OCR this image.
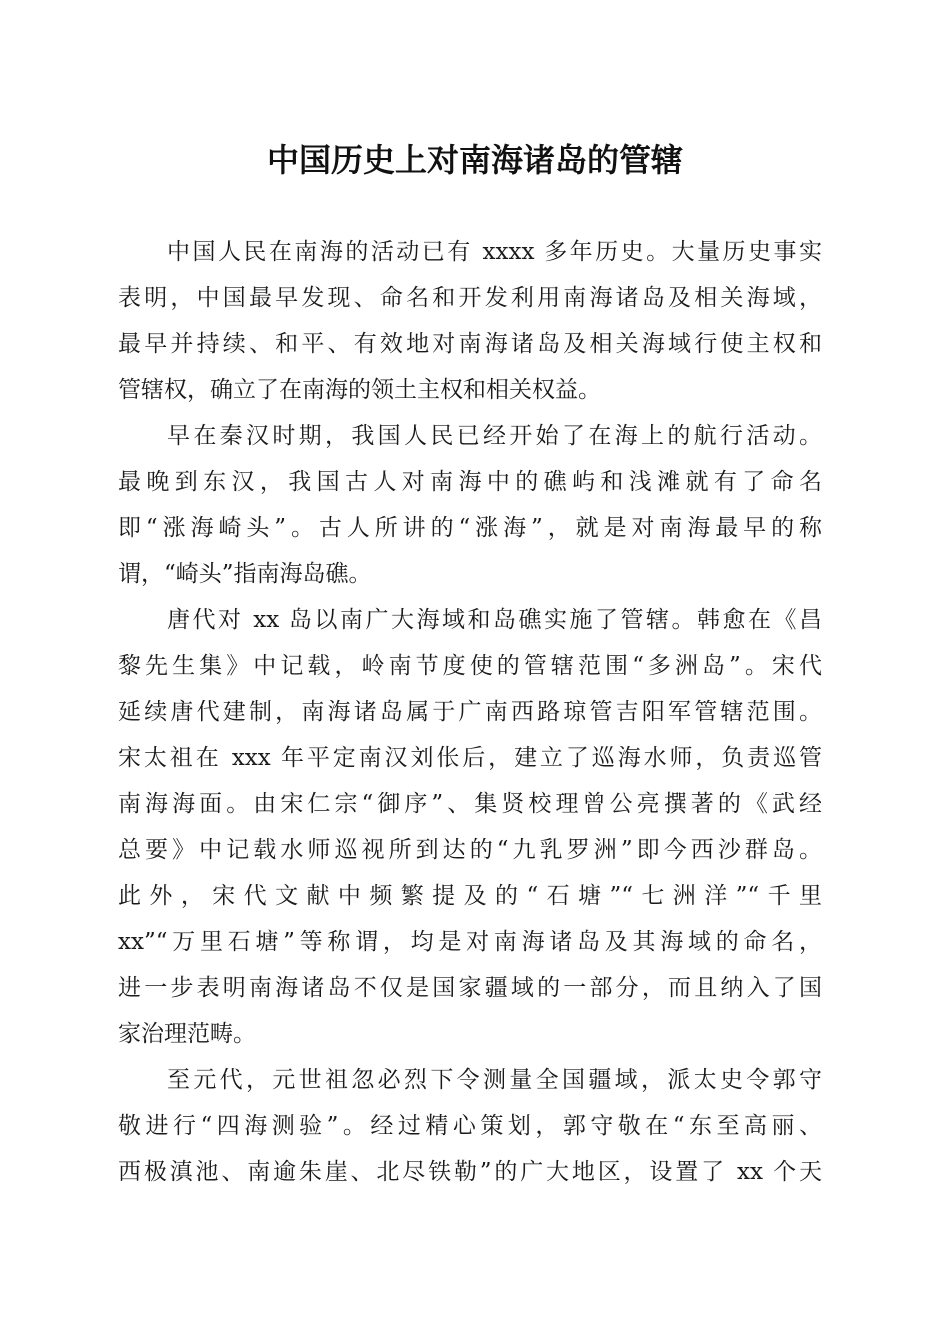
中国历史上对南海诸岛的管辖

中国人民在南海的活动已有 xxxx 多年历史。大量历史事实

表明，中国最早发现、命名和开发利用南海诸岛及相关海域，

最早并持续、和平、有效地对南海诸岛及相关海域行使主权和

管辖权，确立了在南海的领土主权和相关权益。

早在秦汉时期，我国人民已经开始了在海上的航行活动。

最晚到东汉，我国古人对南海中的礁屿和浅滩就有了命名

即“涨海崎头”。古人所讲的“涨海”，就是对南海最早的称

谓，“崎头”指南海岛礁。

唐代对 xx 岛以南广大海域和岛礁实施了管辖。韩愈在《昌

黎先生集》中记载，岭南节度使的管辖范围“多洲岛”。宋代

延续唐代建制，南海诸岛属于广南西路琼管吉阳军管辖范围。

宋太祖在 xxx 年平定南汉刘伥后，建立了巡海水师，负责巡管

南海海面。由宋仁宗“御序”、集贤校理曾公亮撰著的《武经

总要》中记载水师巡视所到达的“九乳罗洲”即今西沙群岛。

此外，宋代文献中频繁提及的“石塘”“七洲洋”“千里

xx”“万里石塘”等称谓，均是对南海诸岛及其海域的命名，

进一步表明南海诸岛不仅是国家疆域的一部分，而且纳入了国

家治理范畴。

至元代，元世祖忽必烈下令测量全国疆域，派太史令郭守

敬进行“四海测验”。经过精心策划，郭守敬在“东至高丽、

西极滇池、南逾朱崖、北尽铁勒”的广大地区，设置了 xx 个天
